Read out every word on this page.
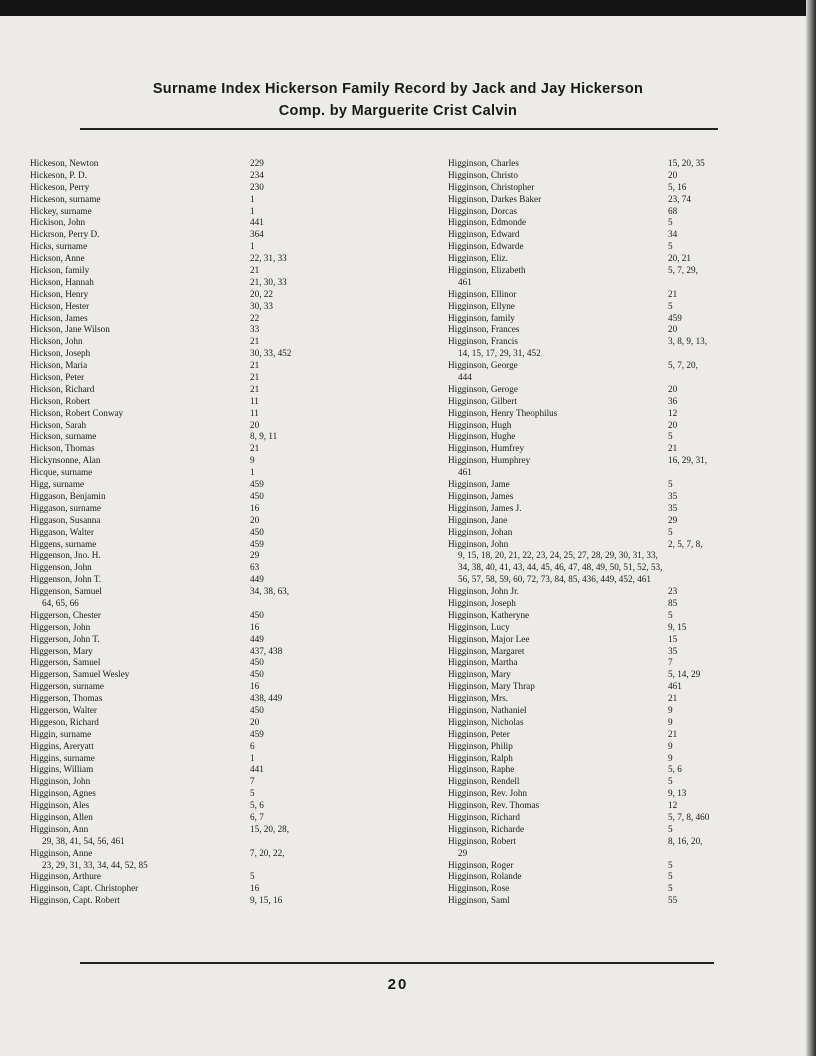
Surname Index Hickerson Family Record by Jack and Jay Hickerson
Comp. by Marguerite Crist Calvin
Hickeson, Newton	229
Hickeson, P. D.	234
Hickeson, Perry	230
Hickeson, surname	1
Hickey, surname	1
Hickison, John	441
Hickrson, Perry D.	364
Hicks, surname	1
Hickson, Anne	22, 31, 33
Hickson, family	21
Hickson, Hannah	21, 30, 33
Hickson, Henry	20, 22
Hickson, Hester	30, 33
Hickson, James	22
Hickson, Jane Wilson	33
Hickson, John	21
Hickson, Joseph	30, 33, 452
Hickson, Maria	21
Hickson, Peter	21
Hickson, Richard	21
Hickson, Robert	11
Hickson, Robert Conway	11
Hickson, Sarah	20
Hickson, surname	8, 9, 11
Hickson, Thomas	21
Hickynsonne, Alan	9
Hicque, surname	1
Higg, surname	459
Higgason, Benjamin	450
Higgason, surname	16
Higgason, Susanna	20
Higgason, Walter	450
Higgens, surname	459
Higgenson, Jno. H.	29
Higgenson, John	63
Higgenson, John T.	449
Higgenson, Samuel	34, 38, 63,
64, 65, 66
Higgerson, Chester	450
Higgerson, John	16
Higgerson, John T.	449
Higgerson, Mary	437, 438
Higgerson, Samuel	450
Higgerson, Samuel Wesley	450
Higgerson, surname	16
Higgerson, Thomas	438, 449
Higgerson, Walter	450
Higgeson, Richard	20
Higgin, surname	459
Higgins, Areryatt	6
Higgins, surname	1
Higgins, William	441
Higginson, John	7
Higginson, Agnes	5
Higginson, Ales	5, 6
Higginson, Allen	6, 7
Higginson, Ann	15, 20, 28,
29, 38, 41, 54, 56, 461
Higginson, Anne	7, 20, 22,
23, 29, 31, 33, 34, 44, 52, 85
Higginson, Arthure	5
Higginson, Capt. Christopher	16
Higginson, Capt. Robert	9, 15, 16
Higginson, Charles	15, 20, 35
Higginson, Christo	20
Higginson, Christopher	5, 16
Higginson, Darkes Baker	23, 74
Higginson, Dorcas	68
Higginson, Edmonde	5
Higginson, Edward	34
Higginson, Edwarde	5
Higginson, Eliz.	20, 21
Higginson, Elizabeth	5, 7, 29,
461
Higginson, Ellinor	21
Higginson, Ellyne	5
Higginson, family	459
Higginson, Frances	20
Higginson, Francis	3, 8, 9, 13,
14, 15, 17, 29, 31, 452
Higginson, George	5, 7, 20,
444
Higginson, Geroge	20
Higginson, Gilbert	36
Higginson, Henry Theophilus	12
Higginson, Hugh	20
Higginson, Hughe	5
Higginson, Humfrey	21
Higginson, Humphrey	16, 29, 31,
461
Higginson, Jame	5
Higginson, James	35
Higginson, James J.	35
Higginson, Jane	29
Higginson, Johan	5
Higginson, John	2, 5, 7, 8,
9, 15, 18, 20, 21, 22, 23, 24, 25, 27, 28, 29, 30, 31, 33,
34, 38, 40, 41, 43, 44, 45, 46, 47, 48, 49, 50, 51, 52, 53,
56, 57, 58, 59, 60, 72, 73, 84, 85, 436, 449, 452, 461
Higginson, John Jr.	23
Higginson, Joseph	85
Higginson, Katheryne	5
Higginson, Lucy	9, 15
Higginson, Major Lee	15
Higginson, Margaret	35
Higginson, Martha	7
Higginson, Mary	5, 14, 29
Higginson, Mary Thrap	461
Higginson, Mrs.	21
Higginson, Nathaniel	9
Higginson, Nicholas	9
Higginson, Peter	21
Higginson, Philip	9
Higginson, Ralph	9
Higginson, Raphe	5, 6
Higginson, Rendell	5
Higginson, Rev. John	9, 13
Higginson, Rev. Thomas	12
Higginson, Richard	5, 7, 8, 460
Higginson, Richarde	5
Higginson, Robert	8, 16, 20,
29
Higginson, Roger	5
Higginson, Rolande	5
Higginson, Rose	5
Higginson, Saml	55
20
